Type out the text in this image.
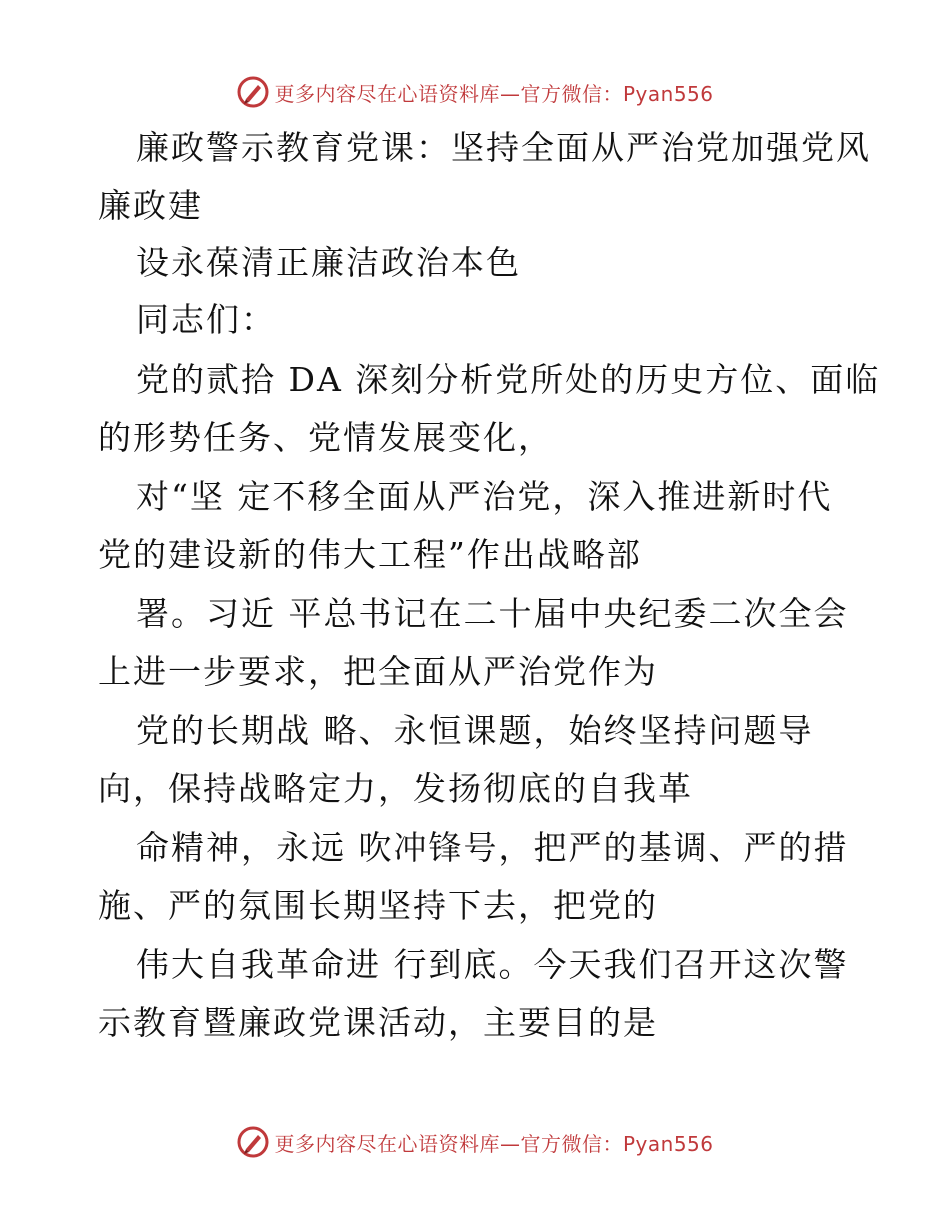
更多内容尽在心语资料库—官方微信：Pyan556
廉政警示教育党课：坚持全面从严治党加强党风
廉政建
设永葆清正廉洁政治本色
同志们：
党的贰拾 DA 深刻分析党所处的历史方位、面临
的形势任务、党情发展变化，
对“坚 定不移全面从严治党，深入推进新时代
党的建设新的伟大工程”作出战略部
署。习近 平总书记在二十届中央纪委二次全会
上进一步要求，把全面从严治党作为
党的长期战 略、永恒课题，始终坚持问题导
向，保持战略定力，发扬彻底的自我革
命精神，永远 吹冲锋号，把严的基调、严的措
施、严的氛围长期坚持下去，把党的
伟大自我革命进 行到底。今天我们召开这次警
示教育暨廉政党课活动，主要目的是
更多内容尽在心语资料库—官方微信：Pyan556
